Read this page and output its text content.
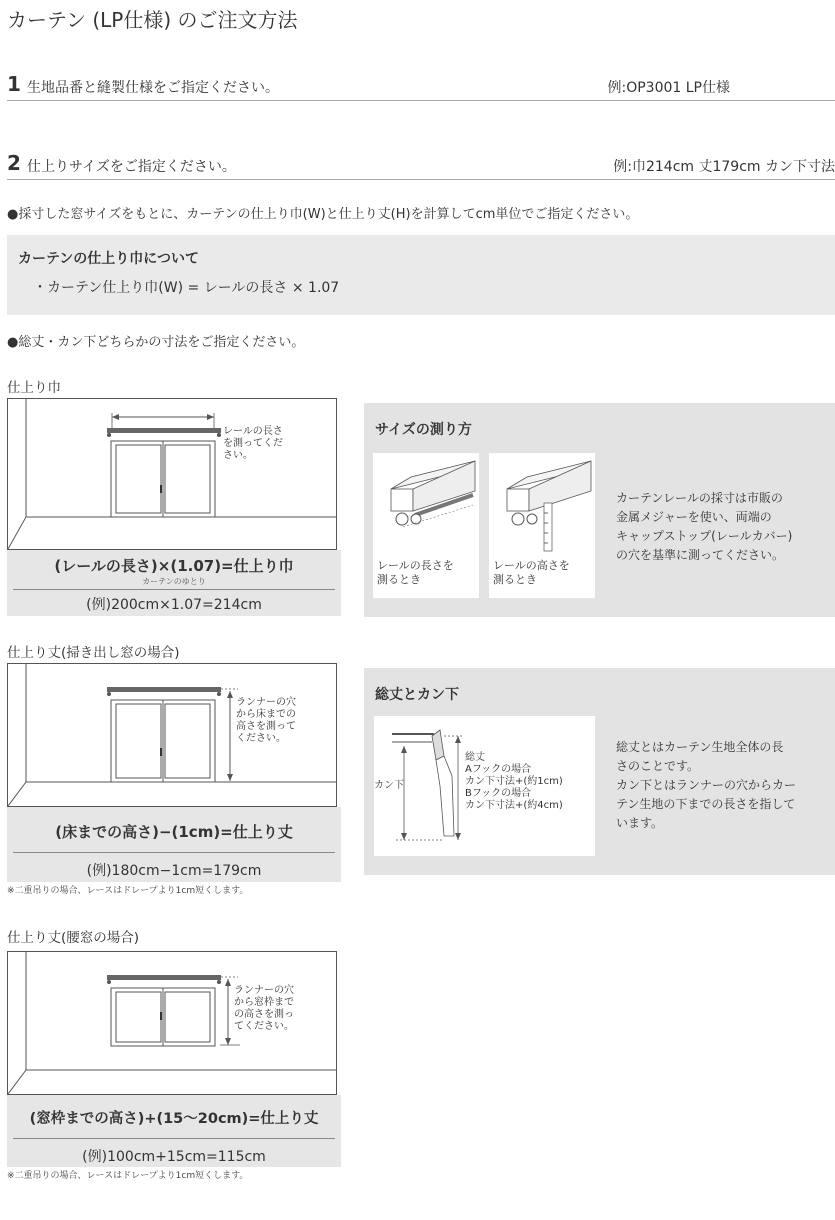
カーテン (LP仕様) のご注文方法
1 生地品番と縫製仕様をご指定ください。	例:OP3001 LP仕様
2 仕上りサイズをご指定ください。	例:巾214cm 丈179cm カン下寸法
●採寸した窓サイズをもとに、カーテンの仕上り巾(W)と仕上り丈(H)を計算してcm単位でご指定ください。
カーテンの仕上り巾について
・カーテン仕上り巾(W) = レールの長さ × 1.07
●総丈・カン下どちらかの寸法をご指定ください。
仕上り巾
レールの長さ
を測ってくだ
さい。
(レールの長さ)×(1.07)=仕上り巾
カーテンのゆとり
(例)200cm×1.07=214cm
サイズの測り方
レールの長さを
測るとき
レールの高さを
測るとき
カーテンレールの採寸は市販の
金属メジャーを使い、両端の
キャップストップ(レールカバー)
の穴を基準に測ってください。
仕上り丈(掃き出し窓の場合)
ランナーの穴
から床までの
高さを測って
ください。
(床までの高さ)−(1cm)=仕上り丈
(例)180cm−1cm=179cm
※二重吊りの場合、レースはドレープより1cm短くします。
総丈とカン下
カン下
総丈
Aフックの場合
カン下寸法+(約1cm)
Bフックの場合
カン下寸法+(約4cm)
総丈とはカーテン生地全体の長
さのことです。
カン下とはランナーの穴からカー
テン生地の下までの長さを指して
います。
仕上り丈(腰窓の場合)
ランナーの穴
から窓枠まで
の高さを測っ
てください。
(窓枠までの高さ)+(15〜20cm)=仕上り丈
(例)100cm+15cm=115cm
※二重吊りの場合、レースはドレープより1cm短くします。
